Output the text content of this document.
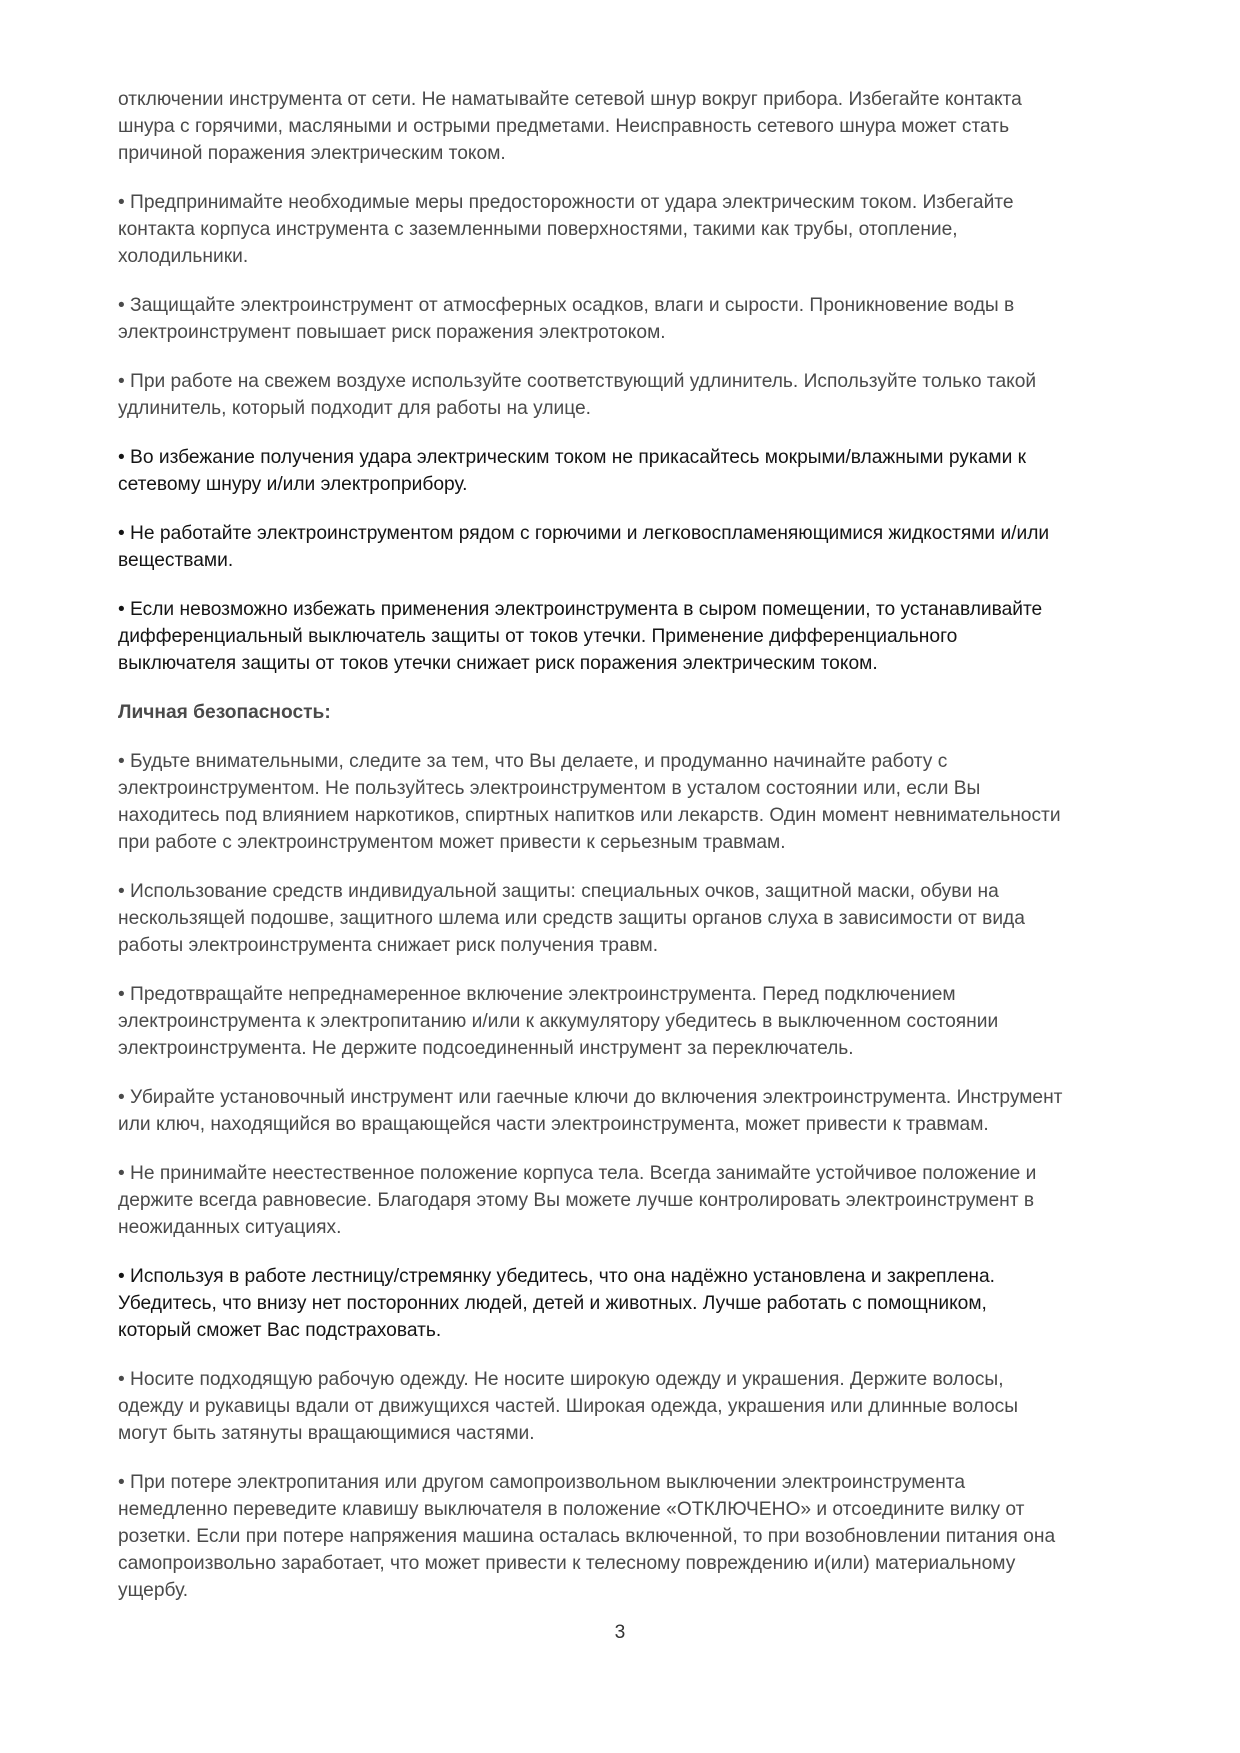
отключении инструмента от сети. Не наматывайте сетевой шнур вокруг прибора. Избегайте контакта
шнура с горячими, масляными и острыми предметами. Неисправность сетевого шнура может стать
причиной поражения электрическим током.

• Предпринимайте необходимые меры предосторожности от удара электрическим током. Избегайте
контакта корпуса инструмента с заземленными поверхностями, такими как трубы, отопление,
холодильники.

• Защищайте электроинструмент от атмосферных осадков, влаги и сырости. Проникновение воды в
электроинструмент повышает риск поражения электротоком.

• При работе на свежем воздухе используйте соответствующий удлинитель. Используйте только такой
удлинитель, который подходит для работы на улице.

• Во избежание получения удара электрическим током не прикасайтесь мокрыми/влажными руками к
сетевому шнуру и/или электроприбору.

• Не работайте электроинструментом рядом с горючими и легковоспламеняющимися жидкостями и/или
веществами.

• Если невозможно избежать применения электроинструмента в сыром помещении, то устанавливайте
дифференциальный выключатель защиты от токов утечки. Применение дифференциального
выключателя защиты от токов утечки снижает риск поражения электрическим током.

Личная безопасность:

• Будьте внимательными, следите за тем, что Вы делаете, и продуманно начинайте работу с
электроинструментом. Не пользуйтесь электроинструментом в усталом состоянии или, если Вы
находитесь под влиянием наркотиков, спиртных напитков или лекарств. Один момент невнимательности
при работе с электроинструментом может привести к серьезным травмам.

• Использование средств индивидуальной защиты: специальных очков, защитной маски, обуви на
нескользящей подошве, защитного шлема или средств защиты органов слуха в зависимости от вида
работы электроинструмента снижает риск получения травм.

• Предотвращайте непреднамеренное включение электроинструмента. Перед подключением
электроинструмента к электропитанию и/или к аккумулятору убедитесь в выключенном состоянии
электроинструмента. Не держите подсоединенный инструмент за переключатель.

• Убирайте установочный инструмент или гаечные ключи до включения электроинструмента. Инструмент
или ключ, находящийся во вращающейся части электроинструмента, может привести к травмам.

• Не принимайте неестественное положение корпуса тела. Всегда занимайте устойчивое положение и
держите всегда равновесие. Благодаря этому Вы можете лучше контролировать электроинструмент в
неожиданных ситуациях.

• Используя в работе лестницу/стремянку убедитесь, что она надёжно установлена и закреплена.
Убедитесь, что внизу нет посторонних людей, детей и животных. Лучше работать с помощником,
который сможет Вас подстраховать.

• Носите подходящую рабочую одежду. Не носите широкую одежду и украшения. Держите волосы,
одежду и рукавицы вдали от движущихся частей. Широкая одежда, украшения или длинные волосы
могут быть затянуты вращающимися частями.

• При потере электропитания или другом самопроизвольном выключении электроинструмента
немедленно переведите клавишу выключателя в положение «ОТКЛЮЧЕНО» и отсоедините вилку от
розетки. Если при потере напряжения машина осталась включенной, то при возобновлении питания она
самопроизвольно заработает, что может привести к телесному повреждению и(или) материальному
ущербу.

3
